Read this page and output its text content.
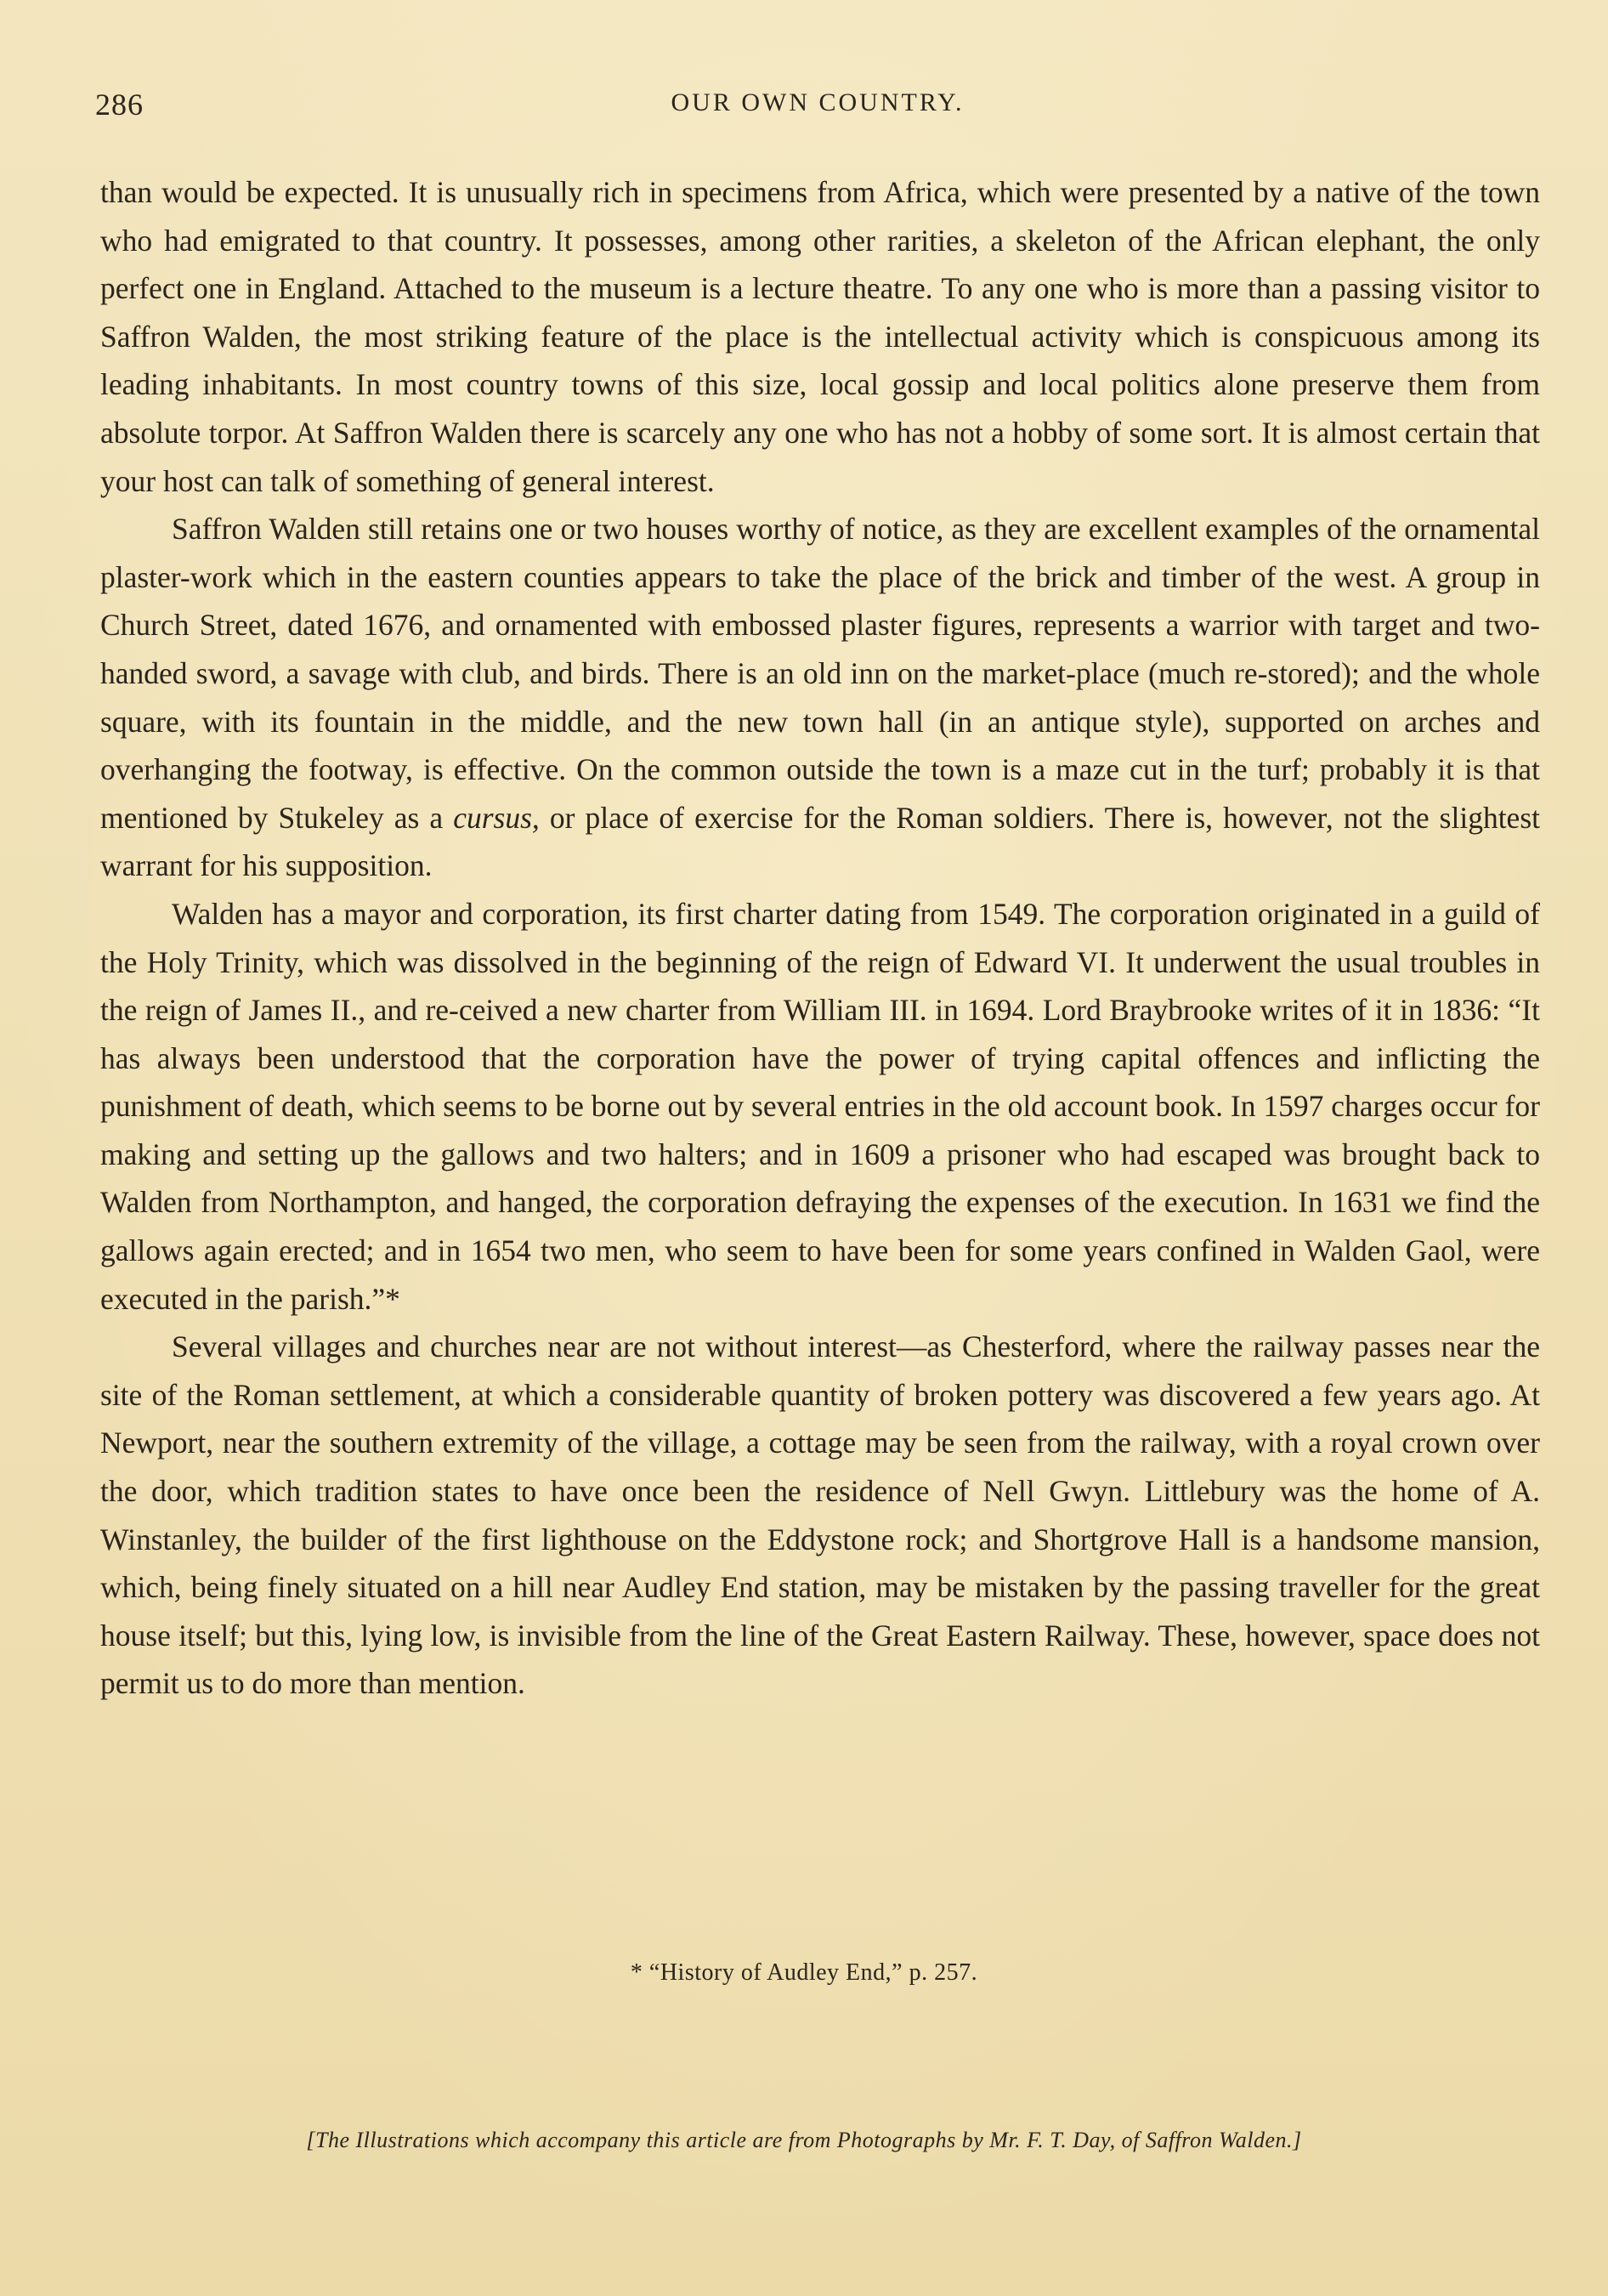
286	OUR OWN COUNTRY.

than would be expected. It is unusually rich in specimens from Africa, which were presented by a native of the town who had emigrated to that country. It possesses, among other rarities, a skeleton of the African elephant, the only perfect one in England. Attached to the museum is a lecture theatre. To any one who is more than a passing visitor to Saffron Walden, the most striking feature of the place is the intellectual activity which is conspicuous among its leading inhabitants. In most country towns of this size, local gossip and local politics alone preserve them from absolute torpor. At Saffron Walden there is scarcely any one who has not a hobby of some sort. It is almost certain that your host can talk of something of general interest.

Saffron Walden still retains one or two houses worthy of notice, as they are excellent examples of the ornamental plaster-work which in the eastern counties appears to take the place of the brick and timber of the west. A group in Church Street, dated 1676, and ornamented with embossed plaster figures, represents a warrior with target and two-handed sword, a savage with club, and birds. There is an old inn on the market-place (much re-stored); and the whole square, with its fountain in the middle, and the new town hall (in an antique style), supported on arches and overhanging the footway, is effective. On the common outside the town is a maze cut in the turf; probably it is that mentioned by Stukeley as a cursus, or place of exercise for the Roman soldiers. There is, however, not the slightest warrant for his supposition.

Walden has a mayor and corporation, its first charter dating from 1549. The corporation originated in a guild of the Holy Trinity, which was dissolved in the beginning of the reign of Edward VI. It underwent the usual troubles in the reign of James II., and re-ceived a new charter from William III. in 1694. Lord Braybrooke writes of it in 1836: “It has always been understood that the corporation have the power of trying capital offences and inflicting the punishment of death, which seems to be borne out by several entries in the old account book. In 1597 charges occur for making and setting up the gallows and two halters; and in 1609 a prisoner who had escaped was brought back to Walden from Northampton, and hanged, the corporation defraying the expenses of the execution. In 1631 we find the gallows again erected; and in 1654 two men, who seem to have been for some years confined in Walden Gaol, were executed in the parish.”*

Several villages and churches near are not without interest—as Chesterford, where the railway passes near the site of the Roman settlement, at which a considerable quantity of broken pottery was discovered a few years ago. At Newport, near the southern extremity of the village, a cottage may be seen from the railway, with a royal crown over the door, which tradition states to have once been the residence of Nell Gwyn. Littlebury was the home of A. Winstanley, the builder of the first lighthouse on the Eddystone rock; and Shortgrove Hall is a handsome mansion, which, being finely situated on a hill near Audley End station, may be mistaken by the passing traveller for the great house itself; but this, lying low, is invisible from the line of the Great Eastern Railway. These, however, space does not permit us to do more than mention.

* “History of Audley End,” p. 257.
[The Illustrations which accompany this article are from Photographs by Mr. F. T. Day, of Saffron Walden.]
